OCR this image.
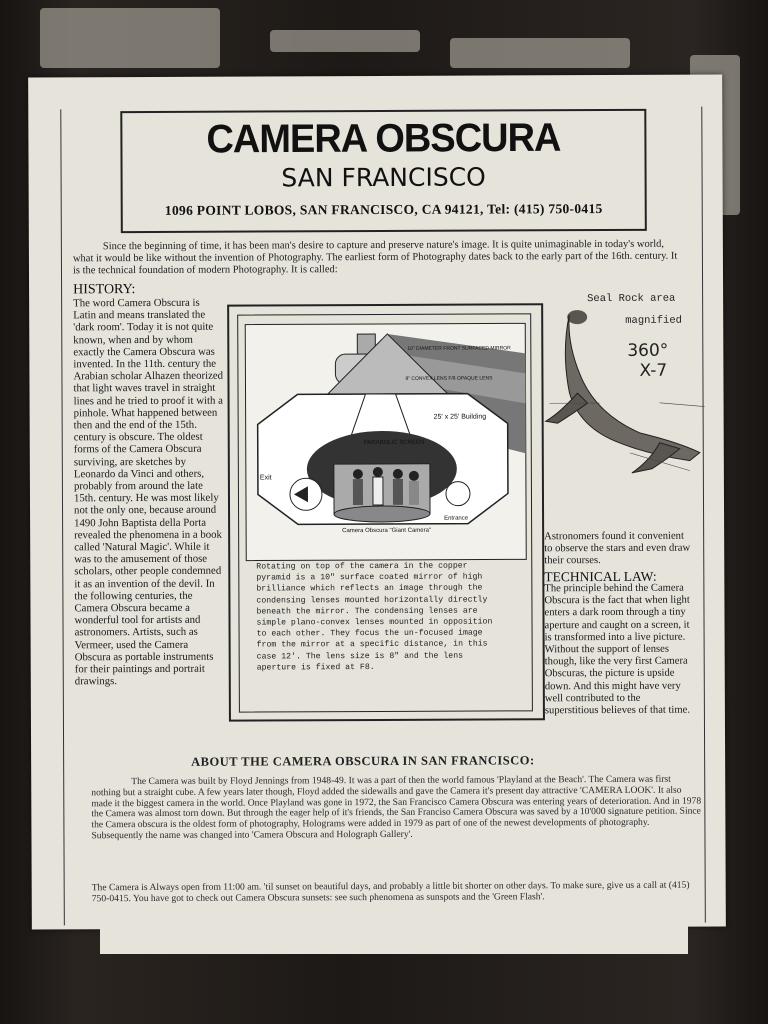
CAMERA OBSCURA
SAN FRANCISCO
1096 POINT LOBOS, SAN FRANCISCO, CA 94121, Tel: (415) 750-0415
Since the beginning of time, it has been man's desire to capture and preserve nature's image. It is quite unimaginable in today's world, what it would be like without the invention of Photography. The earliest form of Photography dates back to the early part of the 16th. century. It is the technical foundation of modern Photography. It is called:
HISTORY:
The word Camera Obscura is Latin and means translated the 'dark room'. Today it is not quite known, when and by whom exactly the Camera Obscura was invented. In the 11th. century the Arabian scholar Alhazen theorized that light waves travel in straight lines and he tried to proof it with a pinhole. What happened between then and the end of the 15th. century is obscure. The oldest forms of the Camera Obscura surviving, are sketches by Leonardo da Vinci and others, probably from around the late 15th. century. He was most likely not the only one, because around 1490 John Baptista della Porta revealed the phenomena in a book called 'Natural Magic'. While it was to the amusement of those scholars, other people condemned it as an invention of the devil. In the following centuries, the Camera Obscura became a wonderful tool for artists and astronomers. Artists, such as Vermeer, used the Camera Obscura as portable instruments for their paintings and portrait drawings.
10" DIAMETER FRONT SURFACED MIRROR
8" CONVEX LENS F/8 OPAQUE LENS
25' x 25' Building
PARABOLIC SCREEN
Exit
Entrance
Camera Obscura "Giant Camera"
Rotating on top of the camera in the copper pyramid is a 10" surface coated mirror of high brilliance which reflects an image through the condensing lenses mounted horizontally directly beneath the mirror. The condensing lenses are simple plano-convex lenses mounted in opposition to each other. They focus the un-focused image from the mirror at a specific distance, in this case 12'. The lens size is 8" and the lens aperture is fixed at F8.
Seal Rock area
magnified
360°
X-7
Astronomers found it convenient to observe the stars and even draw their courses.
TECHNICAL LAW:
The principle behind the Camera Obscura is the fact that when light enters a dark room through a tiny aperture and caught on a screen, it is transformed into a live picture. Without the support of lenses though, like the very first Camera Obscuras, the picture is upside down. And this might have very well contributed to the superstitious believes of that time.
ABOUT THE CAMERA OBSCURA IN SAN FRANCISCO:
The Camera was built by Floyd Jennings from 1948-49. It was a part of then the world famous 'Playland at the Beach'. The Camera was first nothing but a straight cube. A few years later though, Floyd added the sidewalls and gave the Camera it's present day attractive 'CAMERA LOOK'. It also made it the biggest camera in the world. Once Playland was gone in 1972, the San Francisco Camera Obscura was entering years of deterioration. And in 1978 the Camera was almost torn down. But through the eager help of it's friends, the San Franciso Camera Obscura was saved by a 10'000 signature petition. Since the Camera obscura is the oldest form of photography, Holograms were added in 1979 as part of one of the newest developments of photography. Subsequently the name was changed into 'Camera Obscura and Holograph Gallery'.
The Camera is Always open from 11:00 am. 'til sunset on beautiful days, and probably a little bit shorter on other days. To make sure, give us a call at (415) 750-0415. You have got to check out Camera Obscura sunsets: see such phenomena as sunspots and the 'Green Flash'.
